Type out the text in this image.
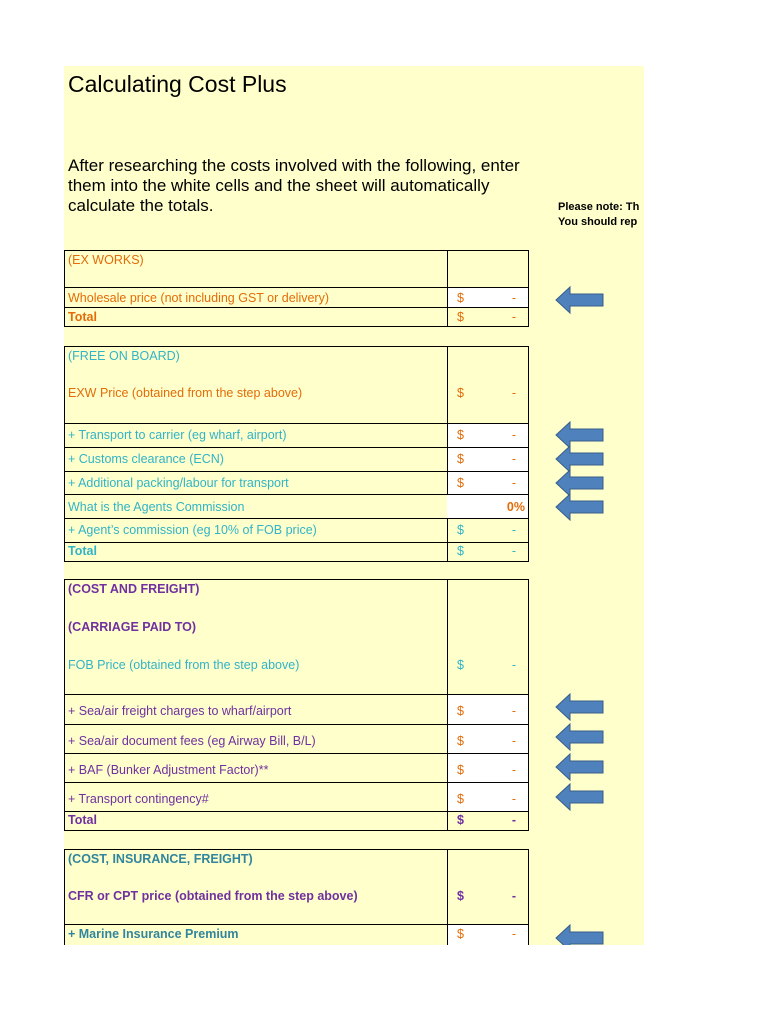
Calculating Cost Plus
After researching the costs involved with the following, enter them into the white cells and the sheet will automatically calculate the totals.	Please note: Th
You should rep
(EX WORKS)
Wholesale price (not including GST or delivery)	$	-
Total	$	-
(FREE ON BOARD)
EXW Price (obtained from the step above)	$	-
+ Transport to carrier (eg wharf, airport)	$	-
+ Customs clearance (ECN)	$	-
+ Additional packing/labour for transport	$	-
What is the Agents Commission	0%
+ Agent’s commission (eg 10% of FOB price)	$	-
Total	$	-
(COST AND FREIGHT)
(CARRIAGE PAID TO)
FOB Price (obtained from the step above)	$	-
+ Sea/air freight charges to wharf/airport	$	-
+ Sea/air document fees (eg Airway Bill, B/L)	$	-
+ BAF (Bunker Adjustment Factor)**	$	-
+ Transport contingency#	$	-
Total	$	-
(COST, INSURANCE, FREIGHT)
CFR or CPT price (obtained from the step above)	$	-
+ Marine Insurance Premium	$	-
